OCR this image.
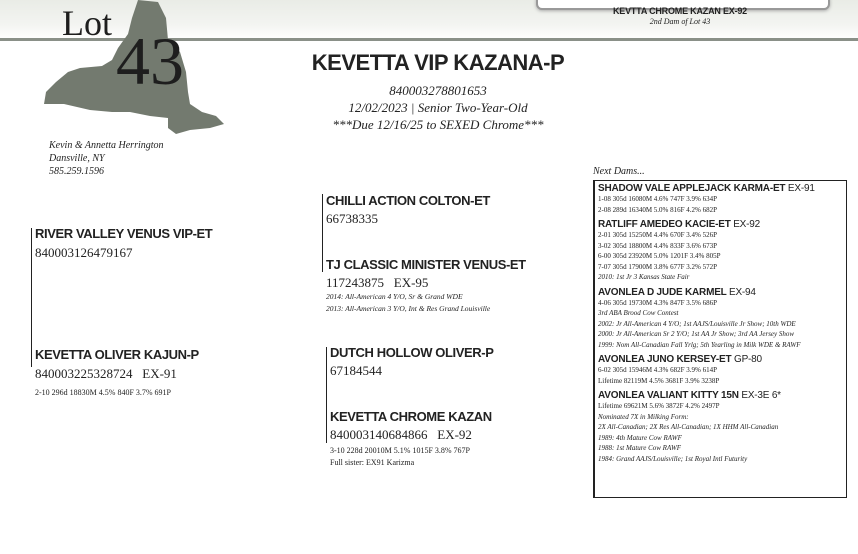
Lot 43
Kevin & Annetta Herrington
Dansville, NY
585.259.1596
KEVTTA CHROME KAZAN EX-92
2nd Dam of Lot 43
KEVETTA VIP KAZANA-P
840003278801653
12/02/2023 | Senior Two-Year-Old
***Due 12/16/25 to SEXED Chrome***
RIVER VALLEY VENUS VIP-ET
840003126479167
KEVETTA OLIVER KAJUN-P
840003225328724   EX-91
2-10 296d 18830M 4.5% 840F 3.7% 691P
CHILLI ACTION COLTON-ET
66738335
TJ CLASSIC MINISTER VENUS-ET
117243875   EX-95
2014: All-American 4 Y/O, Sr & Grand WDE
2013: All-American 3 Y/O, Int & Res Grand Louisville
DUTCH HOLLOW OLIVER-P
67184544
KEVETTA CHROME KAZAN
840003140684866   EX-92
3-10 228d 20010M 5.1% 1015F 3.8% 767P
Full sister: EX91 Karizma
Next Dams...
SHADOW VALE APPLEJACK KARMA-ET EX-91
1-08 305d 16080M 4.6% 747F 3.9% 634P
2-08 289d 16340M 5.0% 816F 4.2% 682P
RATLIFF AMEDEO KACIE-ET EX-92
2-01 305d 15250M 4.4% 670F 3.4% 526P
3-02 305d 18800M 4.4% 833F 3.6% 673P
6-00 305d 23920M 5.0% 1201F 3.4% 805P
7-07 305d 17900M 3.8% 677F 3.2% 572P
2010: 1st Jr 3 Kansas State Fair
AVONLEA D JUDE KARMEL EX-94
4-06 305d 19730M 4.3% 847F 3.5% 686P
3rd ABA Brood Cow Contest
2002: Jr All-American 4 Y/O; 1st AAJS/Louisville Jr Show; 10th WDE
2000: Jr All-American Sr 2 Y/O; 1st AA Jr Show; 3rd AA Jersey Show
1999: Nom All-Canadian Fall Yrlg; 5th Yearling in Milk WDE & RAWF
AVONLEA JUNO KERSEY-ET GP-80
6-02 305d 15946M 4.3% 682F 3.9% 614P
Lifetime 82119M 4.5% 3681F 3.9% 3238P
AVONLEA VALIANT KITTY 15N EX-3E 6*
Lifetime 69621M 5.6% 3872F 4.2% 2497P
Nominated 7X in Milking Form:
2X All-Canadian; 2X Res All-Canadian; 1X HHM All-Canadian
1989: 4th Mature Cow RAWF
1988: 1st Mature Cow RAWF
1984: Grand AAJS/Louisville; 1st Royal Intl Futurity
